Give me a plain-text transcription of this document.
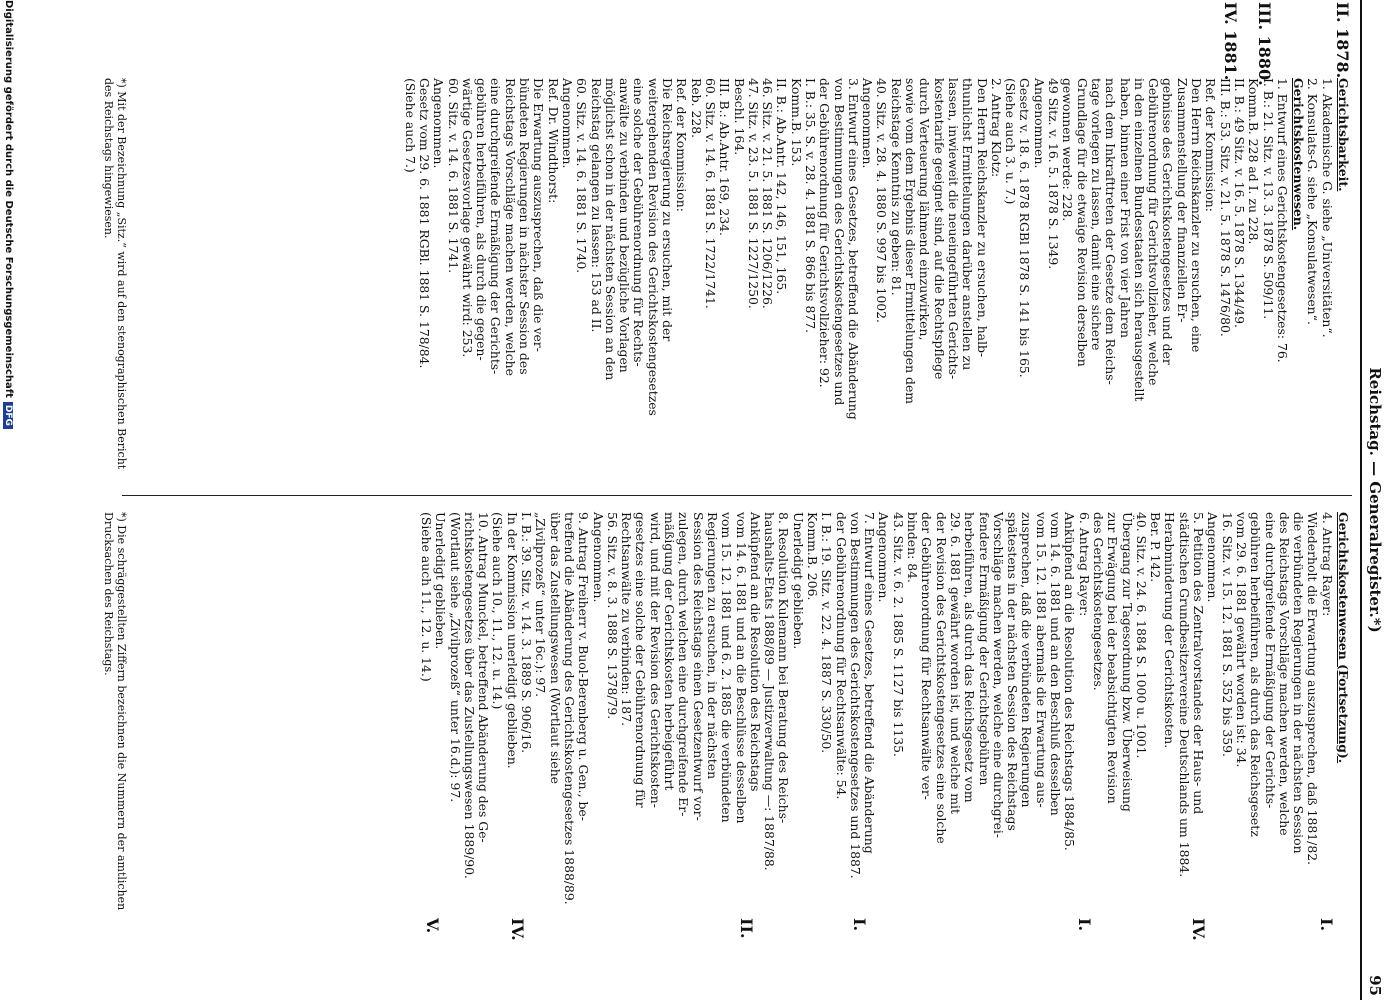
Reichstag. — Generalregister.*)
95
II. 1878.
III. 1880.
IV. 1881.

Gerichtsbarkeit.

1. Akademische G. siehe „Universitäten“.

2. Konsulats-G. siehe „Konsulatwesen“.

Gerichtskostenwesen.

1. Entwurf eines Gerichtskostengesetzes: 76.

I. B.: 21. Sitz. v. 13. 3. 1878 S. 509/11.

Komm.B. 228 ad I. zu 228.

II. B.: 49 Sitz. v. 16. 5. 1878 S. 1344/49.

III. B.: 53. Sitz. v. 21. 5. 1878 S. 1476/80.

Ref. der Kommission:

Den Herrn Reichskanzler zu ersuchen, eine

Zusammenstellung der finanziellen Er-

gebnisse des Gerichtskostengesetzes und der

Gebührenordnung für Gerichtsvollzieher, welche

in den einzelnen Bundesstaaten sich herausgestellt

haben, binnen einer Frist von vier Jahren

nach dem Inkrafttreten der Gesetze dem Reichs-

tage vorlegen zu lassen, damit eine sichere

Grundlage für die etwaige Revision derselben

gewonnen werde: 228.

49 Sitz. v. 16. 5. 1878 S. 1349.

Angenommen.

Gesetz v. 18. 6. 1878 RGBl 1878 S. 141 bis 165.

(Siehe auch 3. u. 7.)

2. Antrag Klotz:

Den Herrn Reichskanzler zu ersuchen, halb-

thunlichst Ermittelungen darüber anstellen zu

lassen, inwieweit die neueingeführten Gerichts-

kostentarife geeignet sind, auf die Rechtspflege

durch Verteuerung lähmend einzuwirken,

sowie vom dem Ergebnis dieser Ermittelungen dem

Reichstage Kenntnis zu geben: 81.

40. Sitz. v. 28. 4. 1880 S. 997 bis 1002.

Angenommen.

3. Entwurf eines Gesetzes, betreffend die Abänderung

von Bestimmungen des Gerichtskostengesetzes und

der Gebührenordnung für Gerichtsvollzieher: 92.

I. B.: 35. S. v. 28. 4. 1881 S. 866 bis 877.

Komm.B. 153.

II. B.: Ab.Antr. 142, 146, 151, 165.

46. Sitz. v. 21. 5. 1881 S. 1206/1226.

47. Sitz. v. 23. 5. 1881 S. 1227/1250.

Beschl. 164.

III. B.: Ab.Antr. 169, 234.

60. Sitz. v. 14. 6. 1881 S. 1722/1741.

Reb. 228.

Ref. der Kommission:

Die Reichsregierung zu ersuchen, mit der

weitergehenden Revision des Gerichtskostengesetzes

eine solche der Gebührenordnung für Rechts-

anwälte zu verbinden und bezügliche Vorlagen

möglichst schon in der nächsten Session an den

Reichstag gelangen zu lassen: 153 ad II.

60. Sitz. v. 14. 6. 1881 S. 1740.

Angenommen.

Ref. Dr. Windthorst:

Die Erwartung auszusprechen, daß die ver-

bündeten Regierungen in nächster Session des

Reichstags Vorschläge machen werden, welche

eine durchgreifende Ermäßigung der Gerichts-

gebühren herbeiführen, als durch die gegen-

wärtige Gesetzesvorlage gewährt wird: 253.

60. Sitz. v. 14. 6. 1881 S. 1741.

Angenommen.

Gesetz vom 29. 6. 1881 RGBl. 1881 S. 178/84.

(Siehe auch 7.)

Gerichtskostenwesen (Fortsetzung).

4. Antrag Rayer:

Wiederholt die Erwartung auszusprechen, daß 1881/82.

die verbündeten Regierungen in der nächsten Session

des Reichstags Vorschläge machen werden, welche

eine durchgreifende Ermäßigung der Gerichts-

gebühren herbeiführen, als durch das Reichsgesetz

vom 29. 6. 1881 gewährt worden ist: 34.

16. Sitz. v. 15. 12. 1881 S. 352 bis 359.

Angenommen.

5. Petition des Zentralvorstandes der Haus- und

städtischen Grundbesitzervereine Deutschlands um 1884.

Herabminderung der Gerichtskosten.

Ber. P. 142.

40. Sitz. v. 24. 6. 1884 S. 1000 u. 1001.

Übergang zur Tagesordnung bzw. Überweisung

zur Erwägung bei der beabsichtigten Revision

des Gerichtskostengesetzes.

6. Antrag Rayer:

Anküpfend an die Resolution des Reichstags 1884/85.

vom 14. 6. 1881 und an den Beschluß desselben

vom 15. 12. 1881 abermals die Erwartung aus-

zusprechen, daß die verbündeten Regierungen

spätestens in der nächsten Session des Reichstags

Vorschläge machen werden, welche eine durchgrei-

fendere Ermäßigung der Gerichtsgebühren

herbeiführen, als durch das Reichsgesetz vom

29. 6. 1881 gewährt worden ist, und welche mit

der Revision des Gerichtskostengesetzes eine solche

der Gebührenordnung für Rechtsanwälte ver-

binden: 84.

43. Sitz. v. 6. 2. 1885 S. 1127 bis 1135.

Angenommen.

7. Entwurf eines Gesetzes, betreffend die Abänderung

von Bestimmungen des Gerichtskostengesetzes und 1887.

der Gebührenordnung für Rechtsanwälte: 54.

I. B.: 19. Sitz. v. 22. 4. 1887 S. 330/50.

Komm.B. 206.

Unerledigt geblieben.

8. Resolution Kulemann bei Beratung des Reichs-

haushalts-Etats 1888/89 — Justizverwaltung —: 1887/88.

Anküpfend an die Resolution des Reichstags

vom 14. 6. 1881 und an die Beschlüsse desselben

vom 15. 12. 1881 und 6. 2. 1885 die verbündeten

Regierungen zu ersuchen, in der nächsten

Session des Reichstags einen Gesetzentwurf vor-

zulegen, durch welchen eine durchgreifende Er-

mäßigung der Gerichtskosten herbeigeführt

wird, und mit der Revision des Gerichtskosten-

gesetzes eine solche der Gebührenordnung für

Rechtsanwälte zu verbinden: 187.

56. Sitz. v. 8. 3. 1888 S. 1378/79.

Angenommen.

9. Antrag Freiherr v. Buol-Berenberg u. Gen., be-

treffend die Abänderung des Gerichtskostengesetzes 1888/89.

über das Zustellungswesen (Wortlaut siehe

„Zivilprozeß“ unter 16c.): 97.

I. B.: 39. Sitz. v. 14. 3. 1889 S. 906/16.

In der Kommission unerledigt geblieben.

(Siehe auch 10., 11., 12. u. 14.)

10. Antrag Munckel, betreffend Abänderung des Ge-

richtskostengesetzes über das Zustellungswesen 1889/90.

(Wortlaut siehe „Zivilprozeß“ unter 16.d.): 97.

Unerledigt geblieben.

(Siehe auch 11., 12. u. 14.)

I.
IV.
I.
I.
II.
IV.
V.
*) Mit der Bezeichnung „Sitz.“ wird auf den stenographischen Bericht des Reichstags hingewiesen.
*) Die schräggestellten Ziffern bezeichnen die Nummern der amtlichen Drucksachen des Reichstags.
Digitalisierung gefördert durch die Deutsche ForschungsgemeinschaftDFG
